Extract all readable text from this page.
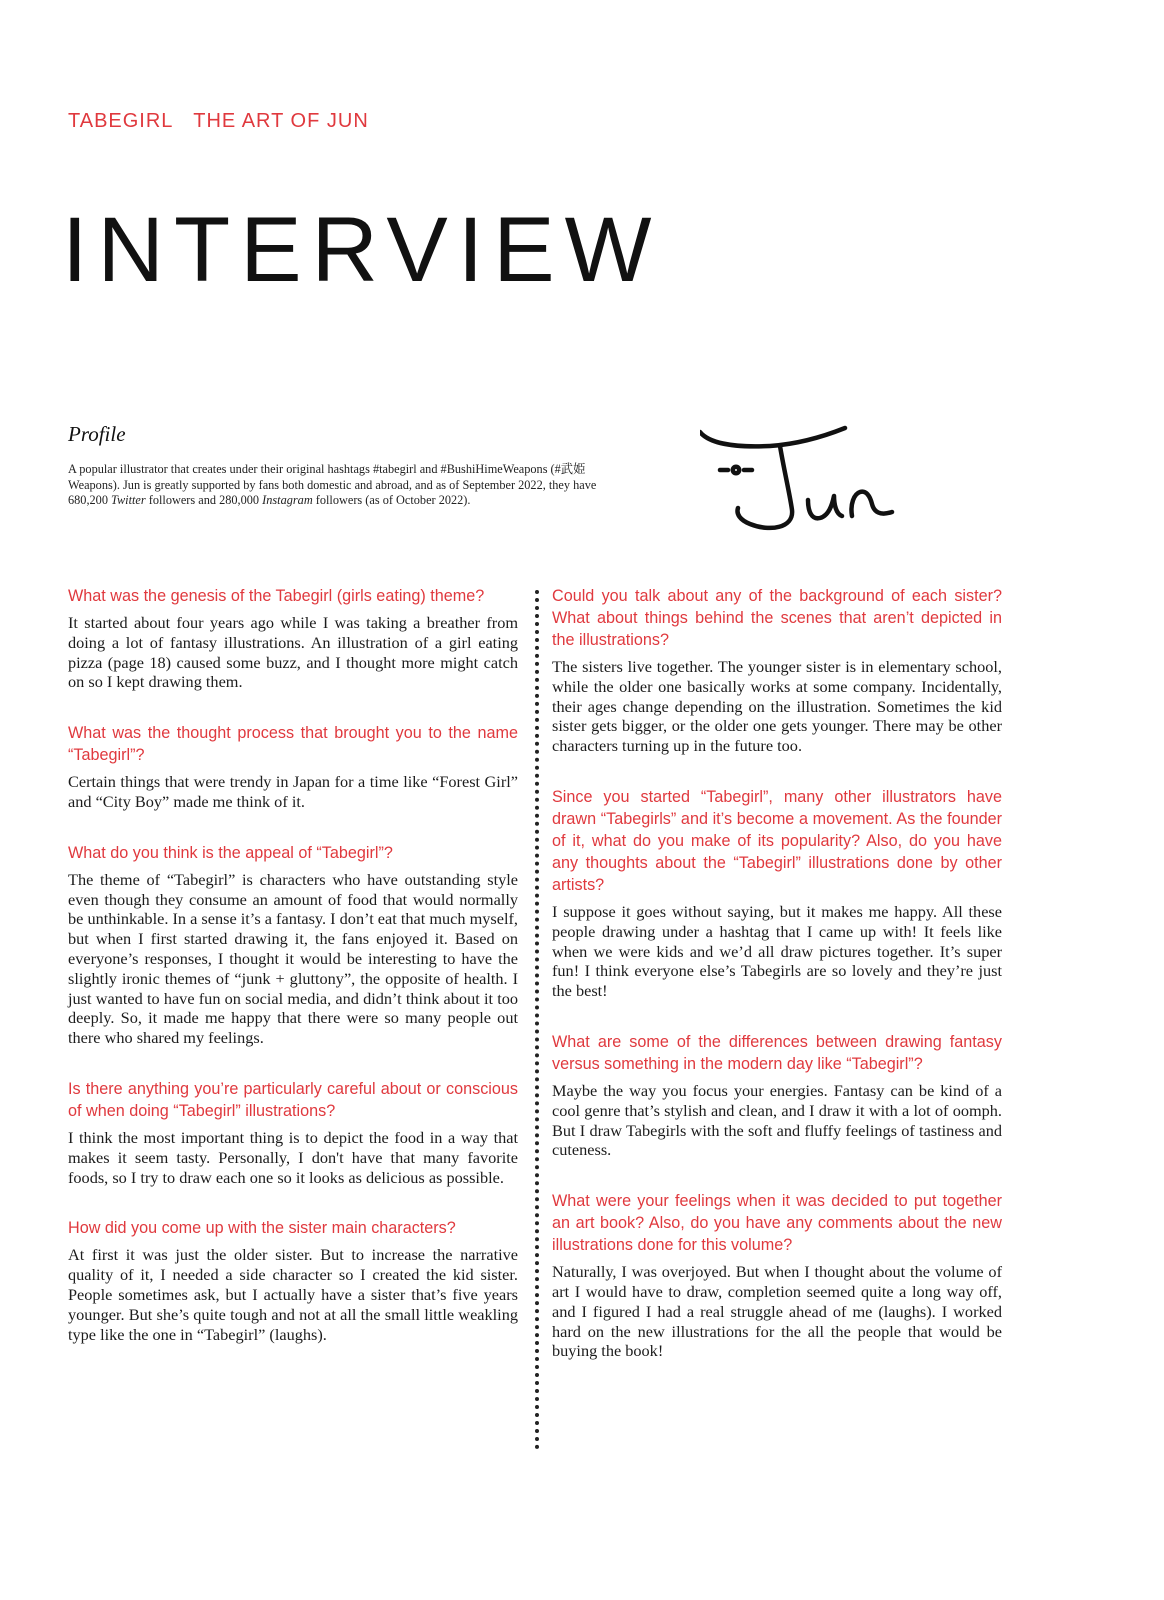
TABEGIRL THE ART OF JUN
INTERVIEW
Profile

A popular illustrator that creates under their original hashtags #tabegirl and #BushiHimeWeapons (#武姫Weapons). Jun is greatly supported by fans both domestic and abroad, and as of September 2022, they have 680,200 Twitter followers and 280,000 Instagram followers (as of October 2022).

What was the genesis of the Tabegirl (girls eating) theme?

It started about four years ago while I was taking a breather from doing a lot of fantasy illustrations. An illustration of a girl eating pizza (page 18) caused some buzz, and I thought more might catch on so I kept drawing them.

What was the thought process that brought you to the name “Tabegirl”?

Certain things that were trendy in Japan for a time like “Forest Girl” and “City Boy” made me think of it.

What do you think is the appeal of “Tabegirl”?

The theme of “Tabegirl” is characters who have outstanding style even though they consume an amount of food that would normally be unthinkable. In a sense it’s a fantasy. I don’t eat that much myself, but when I first started drawing it, the fans enjoyed it. Based on everyone’s responses, I thought it would be interesting to have the slightly ironic themes of “junk + gluttony”, the opposite of health. I just wanted to have fun on social media, and didn’t think about it too deeply. So, it made me happy that there were so many people out there who shared my feelings.

Is there anything you’re particularly careful about or conscious of when doing “Tabegirl” illustrations?

I think the most important thing is to depict the food in a way that makes it seem tasty. Personally, I don't have that many favorite foods, so I try to draw each one so it looks as delicious as possible.

How did you come up with the sister main characters?

At first it was just the older sister. But to increase the narrative quality of it, I needed a side character so I created the kid sister. People sometimes ask, but I actually have a sister that’s five years younger. But she’s quite tough and not at all the small little weakling type like the one in “Tabegirl” (laughs).

Could you talk about any of the background of each sister? What about things behind the scenes that aren’t depicted in the illustrations?

The sisters live together. The younger sister is in elementary school, while the older one basically works at some company. Incidentally, their ages change depending on the illustration. Sometimes the kid sister gets bigger, or the older one gets younger. There may be other characters turning up in the future too.

Since you started “Tabegirl”, many other illustrators have drawn “Tabegirls” and it’s become a movement. As the founder of it, what do you make of its popularity? Also, do you have any thoughts about the “Tabegirl” illustrations done by other artists?

I suppose it goes without saying, but it makes me happy. All these people drawing under a hashtag that I came up with! It feels like when we were kids and we’d all draw pictures together. It’s super fun! I think everyone else’s Tabegirls are so lovely and they’re just the best!

What are some of the differences between drawing fantasy versus something in the modern day like “Tabegirl”?

Maybe the way you focus your energies. Fantasy can be kind of a cool genre that’s stylish and clean, and I draw it with a lot of oomph. But I draw Tabegirls with the soft and fluffy feelings of tastiness and cuteness.

What were your feelings when it was decided to put together an art book? Also, do you have any comments about the new illustrations done for this volume?

Naturally, I was overjoyed. But when I thought about the volume of art I would have to draw, completion seemed quite a long way off, and I figured I had a real struggle ahead of me (laughs). I worked hard on the new illustrations for the all the people that would be buying the book!
